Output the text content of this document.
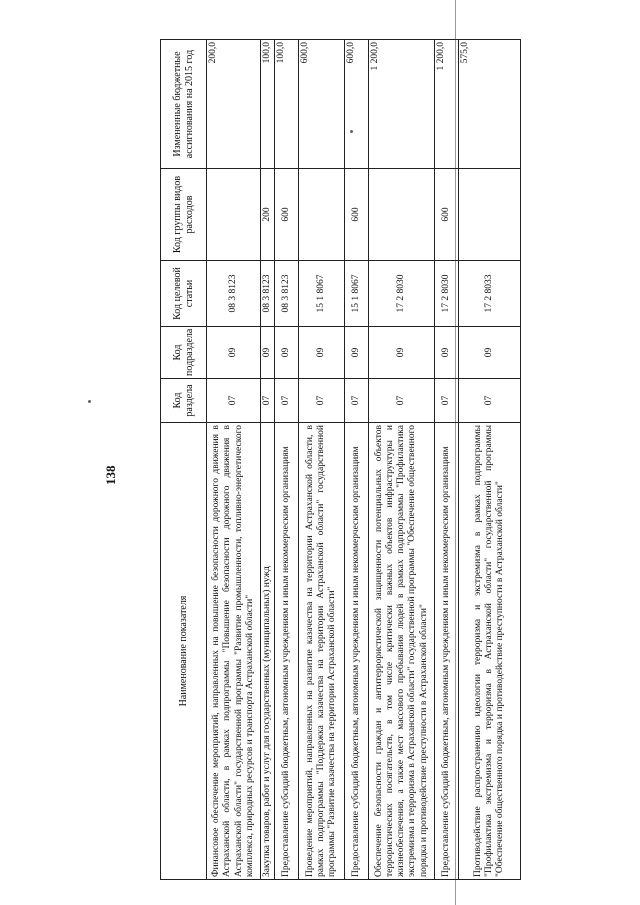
138
Наименование показателя	Код раздела	Код подраздела	Код целевой статьи	Код группы видов расходов	Измененные бюджетные ассигнования на 2015 год
Финансовое обеспечение мероприятий, направленных на повышение безопасности дорожного движения в Астраханской области, в рамках подпрограммы "Повышение безопасности дорожного движения в Астраханской области" государственной программы "Развитие промышленности, топливно-энергетического комплекса, природных ресурсов и транспорта Астраханской области"	07	09	08 3 8123		200,0
Закупка товаров, работ и услуг для государственных (муниципальных) нужд	07	09	08 3 8123	200	100,0
Предоставление субсидий бюджетным, автономным учреждениям и иным некоммерческим организациям	07	09	08 3 8123	600	100,0
Проведение мероприятий, направленных на развитие казачества на территории Астраханской области, в рамках подпрограммы "Поддержка казачества на территории Астраханской области" государственной программы "Развитие казачества на территории Астраханской области"	07	09	15 1 8067		600,0
Предоставление субсидий бюджетным, автономным учреждениям и иным некоммерческим организациям	07	09	15 1 8067	600	600,0
Обеспечение безопасности граждан и антитеррористической защищенности потенциальных объектов террористических посягательств, в том числе критически важных объектов инфраструктуры и жизнеобеспечения, а также мест массового пребывания людей в рамках подпрограммы "Профилактика экстремизма и терроризма в Астраханской области" государственной программы "Обеспечение общественного порядка и противодействие преступности в Астраханской области"	07	09	17 2 8030		1 200,0
Предоставление субсидий бюджетным, автономным учреждениям и иным некоммерческим организациям	07	09	17 2 8030	600	1 200,0
Противодействие распространению идеологии терроризма и экстремизма в рамках подпрограммы "Профилактика экстремизма и терроризма в Астраханской области" государственной программы "Обеспечение общественного порядка и противодействие преступности в Астраханской области"	07	09	17 2 8033		575,0
